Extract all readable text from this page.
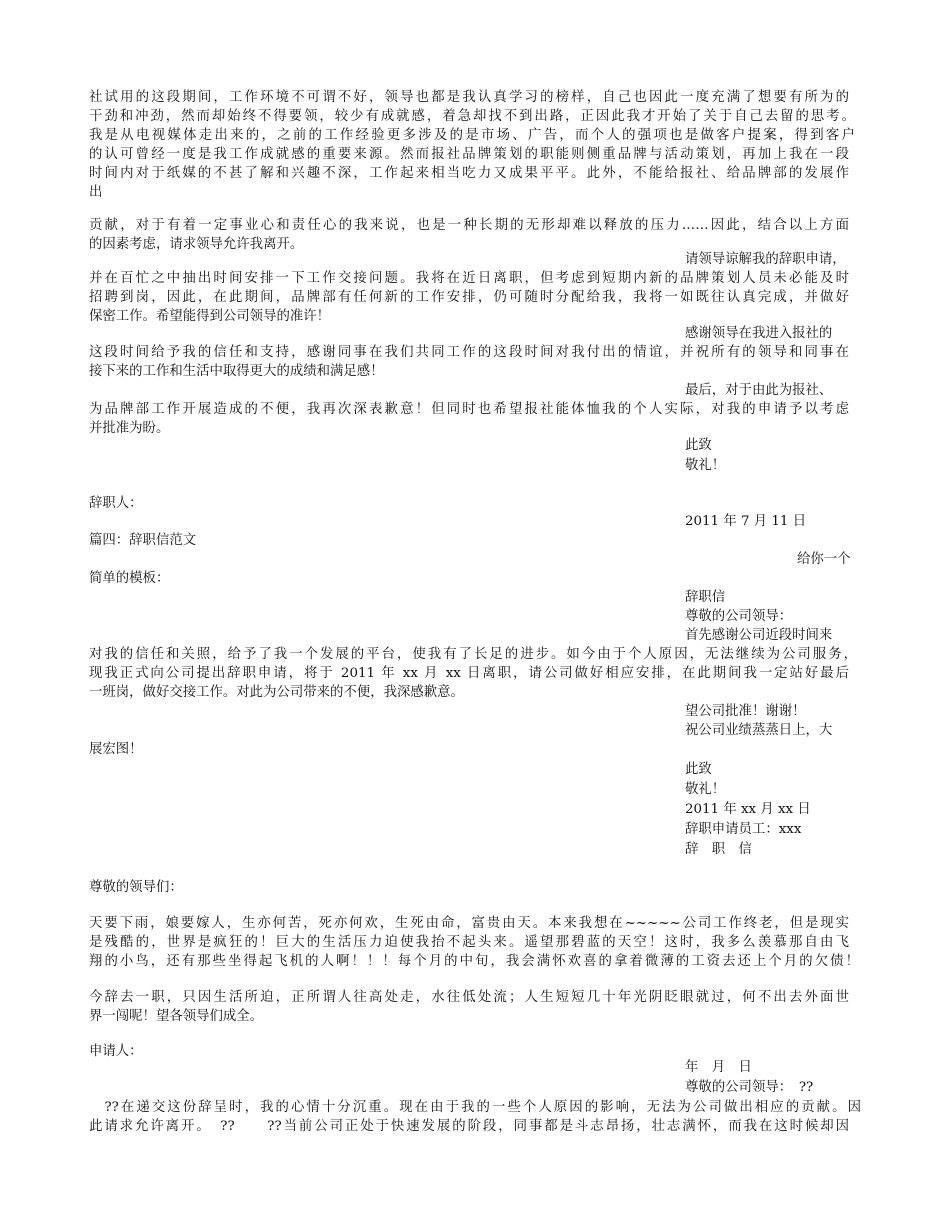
社试用的这段期间，工作环境不可谓不好，领导也都是我认真学习的榜样，自己也因此一度充满了想要有所为的

干劲和冲劲，然而却始终不得要领，较少有成就感，着急却找不到出路，正因此我才开始了关于自己去留的思考。

我是从电视媒体走出来的，之前的工作经验更多涉及的是市场、广告，而个人的强项也是做客户提案，得到客户

的认可曾经一度是我工作成就感的重要来源。然而报社品牌策划的职能则侧重品牌与活动策划，再加上我在一段

时间内对于纸媒的不甚了解和兴趣不深，工作起来相当吃力又成果平平。此外，不能给报社、给品牌部的发展作

出

贡献，对于有着一定事业心和责任心的我来说，也是一种长期的无形却难以释放的压力……因此，结合以上方面

的因素考虑，请求领导允许我离开。

请领导谅解我的辞职申请，

并在百忙之中抽出时间安排一下工作交接问题。我将在近日离职，但考虑到短期内新的品牌策划人员未必能及时

招聘到岗，因此，在此期间，品牌部有任何新的工作安排，仍可随时分配给我，我将一如既往认真完成，并做好

保密工作。希望能得到公司领导的准许！

感谢领导在我进入报社的

这段时间给予我的信任和支持，感谢同事在我们共同工作的这段时间对我付出的情谊，并祝所有的领导和同事在

接下来的工作和生活中取得更大的成绩和满足感！

最后，对于由此为报社、

为品牌部工作开展造成的不便，我再次深表歉意！但同时也希望报社能体恤我的个人实际，对我的申请予以考虑

并批准为盼。

此致

敬礼！

辞职人：

2011 年 7 月 11 日

篇四：辞职信范文

给你一个

简单的模板：

辞职信

尊敬的公司领导：

首先感谢公司近段时间来

对我的信任和关照，给予了我一个发展的平台，使我有了长足的进步。如今由于个人原因，无法继续为公司服务，

现我正式向公司提出辞职申请，将于 2011 年 xx 月 xx 日离职，请公司做好相应安排，在此期间我一定站好最后

一班岗，做好交接工作。对此为公司带来的不便，我深感歉意。

望公司批准！谢谢！

祝公司业绩蒸蒸日上，大

展宏图！

此致

敬礼！

2011 年 xx 月 xx 日

辞职申请员工：xxx

辞　职　信

尊敬的领导们：

天要下雨，娘要嫁人，生亦何苦，死亦何欢，生死由命，富贵由天。本来我想在~~~~~公司工作终老，但是现实

是残酷的，世界是疯狂的！巨大的生活压力迫使我抬不起头来。遥望那碧蓝的天空！这时，我多么羡慕那自由飞

翔的小鸟，还有那些坐得起飞机的人啊！！！每个月的中旬，我会满怀欢喜的拿着微薄的工资去还上个月的欠债！

今辞去一职，只因生活所迫，正所谓人往高处走，水往低处流；人生短短几十年光阴眨眼就过，何不出去外面世

界一闯呢！望各领导们成全。

申请人：

年　月　日

尊敬的公司领导：　??

　??在递交这份辞呈时，我的心情十分沉重。现在由于我的一些个人原因的影响，无法为公司做出相应的贡献。因

此请求允许离开。　??　　??当前公司正处于快速发展的阶段，同事都是斗志昂扬，壮志满怀，而我在这时候却因
